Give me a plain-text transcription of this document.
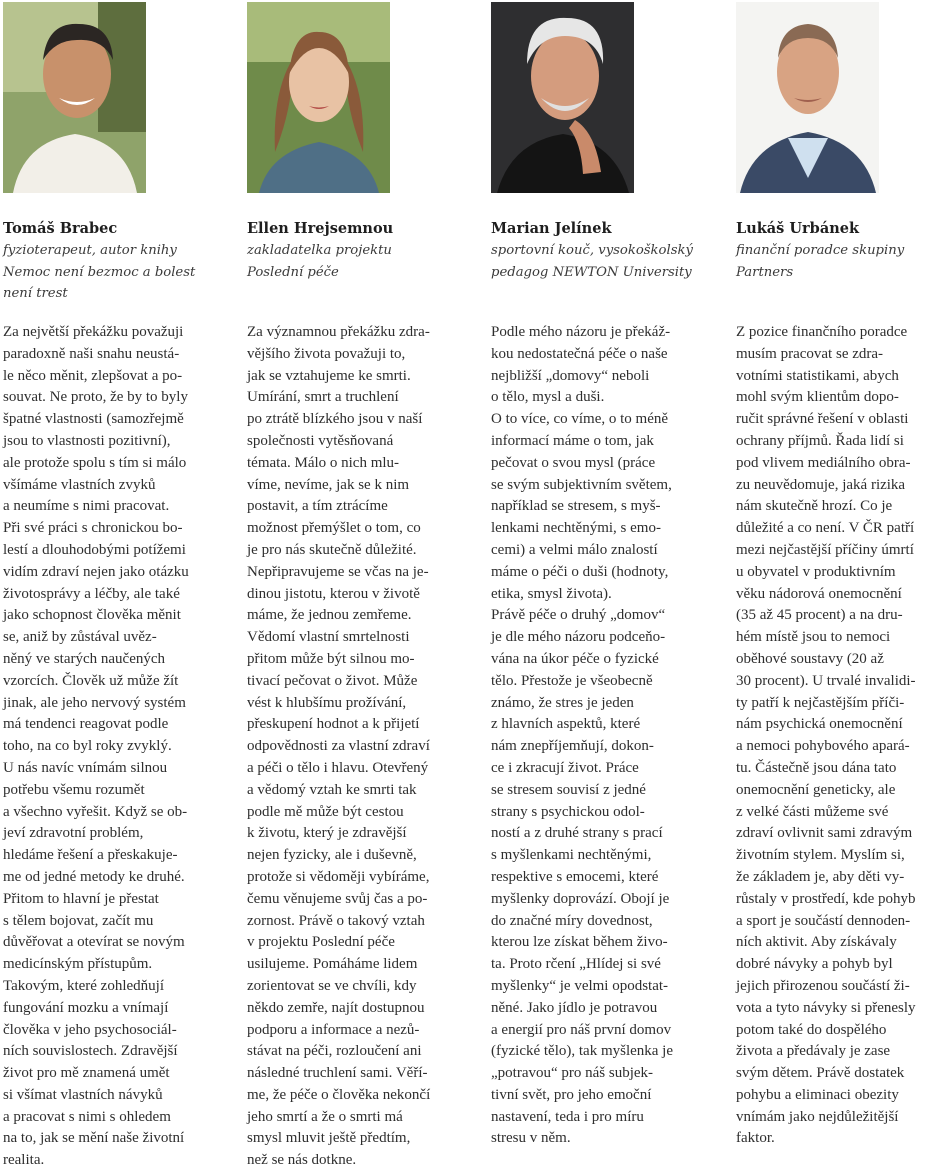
Tomáš Brabec
fyzioterapeut, autor knihy
Nemoc není bezmoc a bolest
není trest
Za největší překážku považuji
paradoxně naši snahu neustá-
le něco měnit, zlepšovat a po-
souvat. Ne proto, že by to byly
špatné vlastnosti (samozřejmě
jsou to vlastnosti pozitivní),
ale protože spolu s tím si málo
všímáme vlastních zvyků
a neumíme s nimi pracovat.
Při své práci s chronickou bo-
lestí a dlouhodobými potížemi
vidím zdraví nejen jako otázku
životosprávy a léčby, ale také
jako schopnost člověka měnit
se, aniž by zůstával uvěz-
něný ve starých naučených
vzorcích. Člověk už může žít
jinak, ale jeho nervový systém
má tendenci reagovat podle
toho, na co byl roky zvyklý.
U nás navíc vnímám silnou
potřebu všemu rozumět
a všechno vyřešit. Když se ob-
jeví zdravotní problém,
hledáme řešení a přeskakuje-
me od jedné metody ke druhé.
Přitom to hlavní je přestat
s tělem bojovat, začít mu
důvěřovat a otevírat se novým
medicínským přístupům.
Takovým, které zohledňují
fungování mozku a vnímají
člověka v jeho psychosociál-
ních souvislostech. Zdravější
život pro mě znamená umět
si všímat vlastních návyků
a pracovat s nimi s ohledem
na to, jak se mění naše životní
realita.
Ellen Hrejsemnou
zakladatelka projektu
Poslední péče
Za významnou překážku zdra-
vějšího života považuji to,
jak se vztahujeme ke smrti.
Umírání, smrt a truchlení
po ztrátě blízkého jsou v naší
společnosti vytěsňovaná
témata. Málo o nich mlu-
víme, nevíme, jak se k nim
postavit, a tím ztrácíme
možnost přemýšlet o tom, co
je pro nás skutečně důležité.
Nepřipravujeme se včas na je-
dinou jistotu, kterou v životě
máme, že jednou zemřeme.
Vědomí vlastní smrtelnosti
přitom může být silnou mo-
tivací pečovat o život. Může
vést k hlubšímu prožívání,
přeskupení hodnot a k přijetí
odpovědnosti za vlastní zdraví
a péči o tělo i hlavu. Otevřený
a vědomý vztah ke smrti tak
podle mě může být cestou
k životu, který je zdravější
nejen fyzicky, ale i duševně,
protože si vědoměji vybíráme,
čemu věnujeme svůj čas a po-
zornost. Právě o takový vztah
v projektu Poslední péče
usilujeme. Pomáháme lidem
zorientovat se ve chvíli, kdy
někdo zemře, najít dostupnou
podporu a informace a nezů-
stávat na péči, rozloučení ani
následné truchlení sami. Věří-
me, že péče o člověka nekončí
jeho smrtí a že o smrti má
smysl mluvit ještě předtím,
než se nás dotkne.
Marian Jelínek
sportovní kouč, vysokoškolský
pedagog NEWTON University
Podle mého názoru je překáž-
kou nedostatečná péče o naše
nejbližší „domovy“ neboli
o tělo, mysl a duši.
O to více, co víme, o to méně
informací máme o tom, jak
pečovat o svou mysl (práce
se svým subjektivním světem,
například se stresem, s myš-
lenkami nechtěnými, s emo-
cemi) a velmi málo znalostí
máme o péči o duši (hodnoty,
etika, smysl života).
Právě péče o druhý „domov“
je dle mého názoru podceňo-
vána na úkor péče o fyzické
tělo. Přestože je všeobecně
známo, že stres je jeden
z hlavních aspektů, které
nám znepříjemňují, dokon-
ce i zkracují život. Práce
se stresem souvisí z jedné
strany s psychickou odol-
ností a z druhé strany s prací
s myšlenkami nechtěnými,
respektive s emocemi, které
myšlenky doprovází. Obojí je
do značné míry dovednost,
kterou lze získat během živo-
ta. Proto rčení „Hlídej si své
myšlenky“ je velmi opodstat-
něné. Jako jídlo je potravou
a energií pro náš první domov
(fyzické tělo), tak myšlenka je
„potravou“ pro náš subjek-
tivní svět, pro jeho emoční
nastavení, teda i pro míru
stresu v něm.
Lukáš Urbánek
finanční poradce skupiny
Partners
Z pozice finančního poradce
musím pracovat se zdra-
votními statistikami, abych
mohl svým klientům dopo-
ručit správné řešení v oblasti
ochrany příjmů. Řada lidí si
pod vlivem mediálního obra-
zu neuvědomuje, jaká rizika
nám skutečně hrozí. Co je
důležité a co není. V ČR patří
mezi nejčastější příčiny úmrtí
u obyvatel v produktivním
věku nádorová onemocnění
(35 až 45 procent) a na dru-
hém místě jsou to nemoci
oběhové soustavy (20 až
30 procent). U trvalé invalidi-
ty patří k nejčastějším příči-
nám psychická onemocnění
a nemoci pohybového apará-
tu. Částečně jsou dána tato
onemocnění geneticky, ale
z velké části můžeme své
zdraví ovlivnit sami zdravým
životním stylem. Myslím si,
že základem je, aby děti vy-
růstaly v prostředí, kde pohyb
a sport je součástí dennoden-
ních aktivit. Aby získávaly
dobré návyky a pohyb byl
jejich přirozenou součástí ži-
vota a tyto návyky si přenesly
potom také do dospělého
života a předávaly je zase
svým dětem. Právě dostatek
pohybu a eliminaci obezity
vnímám jako nejdůležitější
faktor.
